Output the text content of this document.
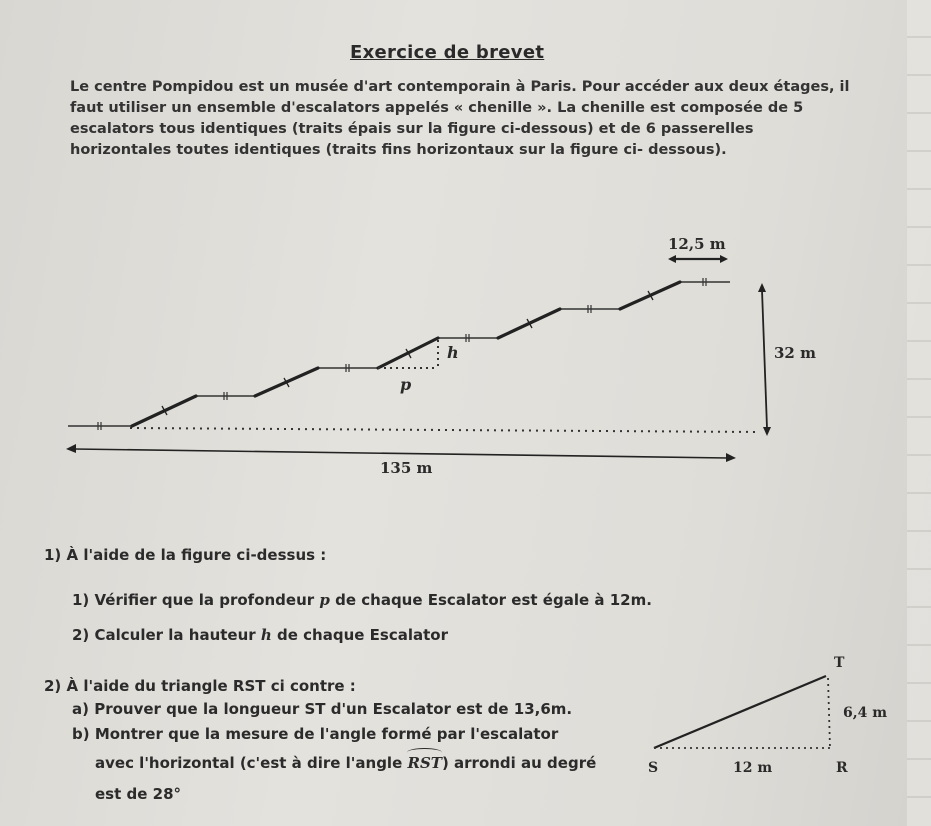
Exercice de brevet

Le centre Pompidou est un musée d'art contemporain à Paris. Pour accéder aux deux étages, il
faut utiliser un ensemble d'escalators appelés « chenille ». La chenille est composée de 5
escalators tous identiques (traits épais sur la figure ci-dessous) et de 6 passerelles
horizontales toutes identiques (traits fins horizontaux sur la figure ci- dessous).

h
p
12,5 m
32 m
135 m
T
S	R
6,4 m
12 m
1) À l'aide de la figure ci-dessus :
1) Vérifier que la profondeur p de chaque Escalator est égale à 12m.
2) Calculer la hauteur h de chaque Escalator
2) À l'aide du triangle RST ci contre :
a) Prouver que la longueur ST d'un Escalator est de 13,6m.
b) Montrer que la mesure de l'angle formé par l'escalator
avec l'horizontal (c'est à dire l'angle RST) arrondi au degré
est de 28°
